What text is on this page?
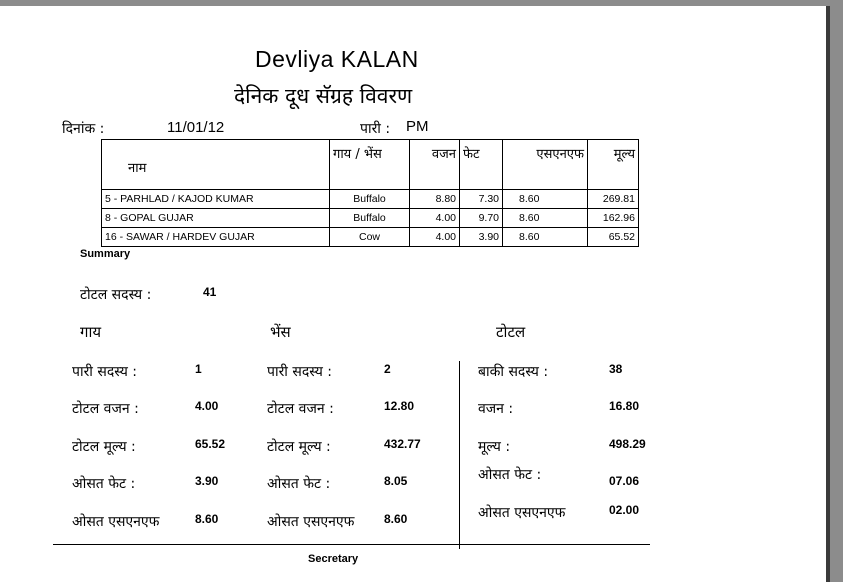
Devliya KALAN
देनिक दूध सॅग्रह विवरण
दिनांक :	11/01/12	पारी : PM
नाम	गाय / भेंस	वजन	फेट	एसएनएफ	मूल्य
5 - PARHLAD / KAJOD KUMAR	Buffalo	8.80	7.30	8.60	269.81
8 - GOPAL GUJAR	Buffalo	4.00	9.70	8.60	162.96
16 - SAWAR / HARDEV GUJAR	Cow	4.00	3.90	8.60	65.52
Summary
टोटल सदस्य :	41
गाय	भेंस	टोटल
पारी सदस्य :	1
टोटल वजन :	4.00
टोटल मूल्य :	65.52
ओसत फेट :	3.90
ओसत एसएनएफ	8.60
पारी सदस्य :	2
टोटल वजन :	12.80
टोटल मूल्य :	432.77
ओसत फेट :	8.05
ओसत एसएनएफ 8.60
बाकी सदस्य :	38
वजन :	16.80
मूल्य :	498.29
ओसत फेट :	07.06
ओसत एसएनएफ	02.00
Secretary
